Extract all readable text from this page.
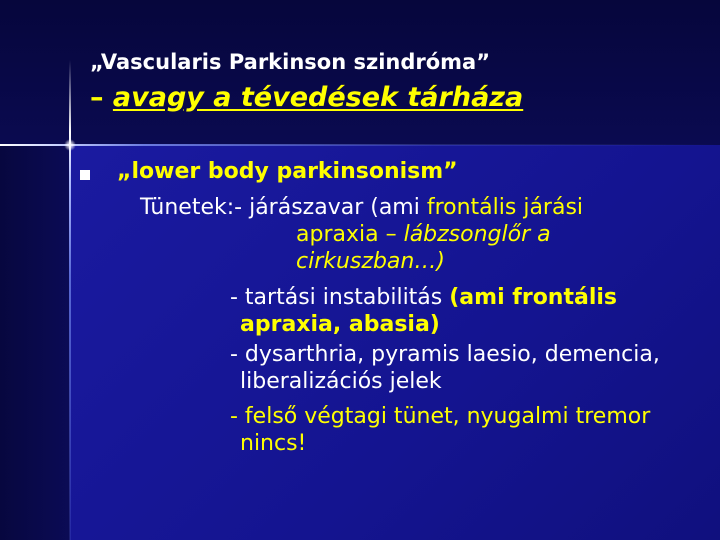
„Vascularis Parkinson szindróma”
– avagy a tévedések tárháza
„lower body parkinsonism”
Tünetek:- járászavar (ami frontális járási
apraxia – lábzsonglőr a
cirkuszban…)
- tartási instabilitás (ami frontális
apraxia, abasia)
- dysarthria, pyramis laesio, demencia,
liberalizációs jelek
- felső végtagi tünet, nyugalmi tremor
nincs!
